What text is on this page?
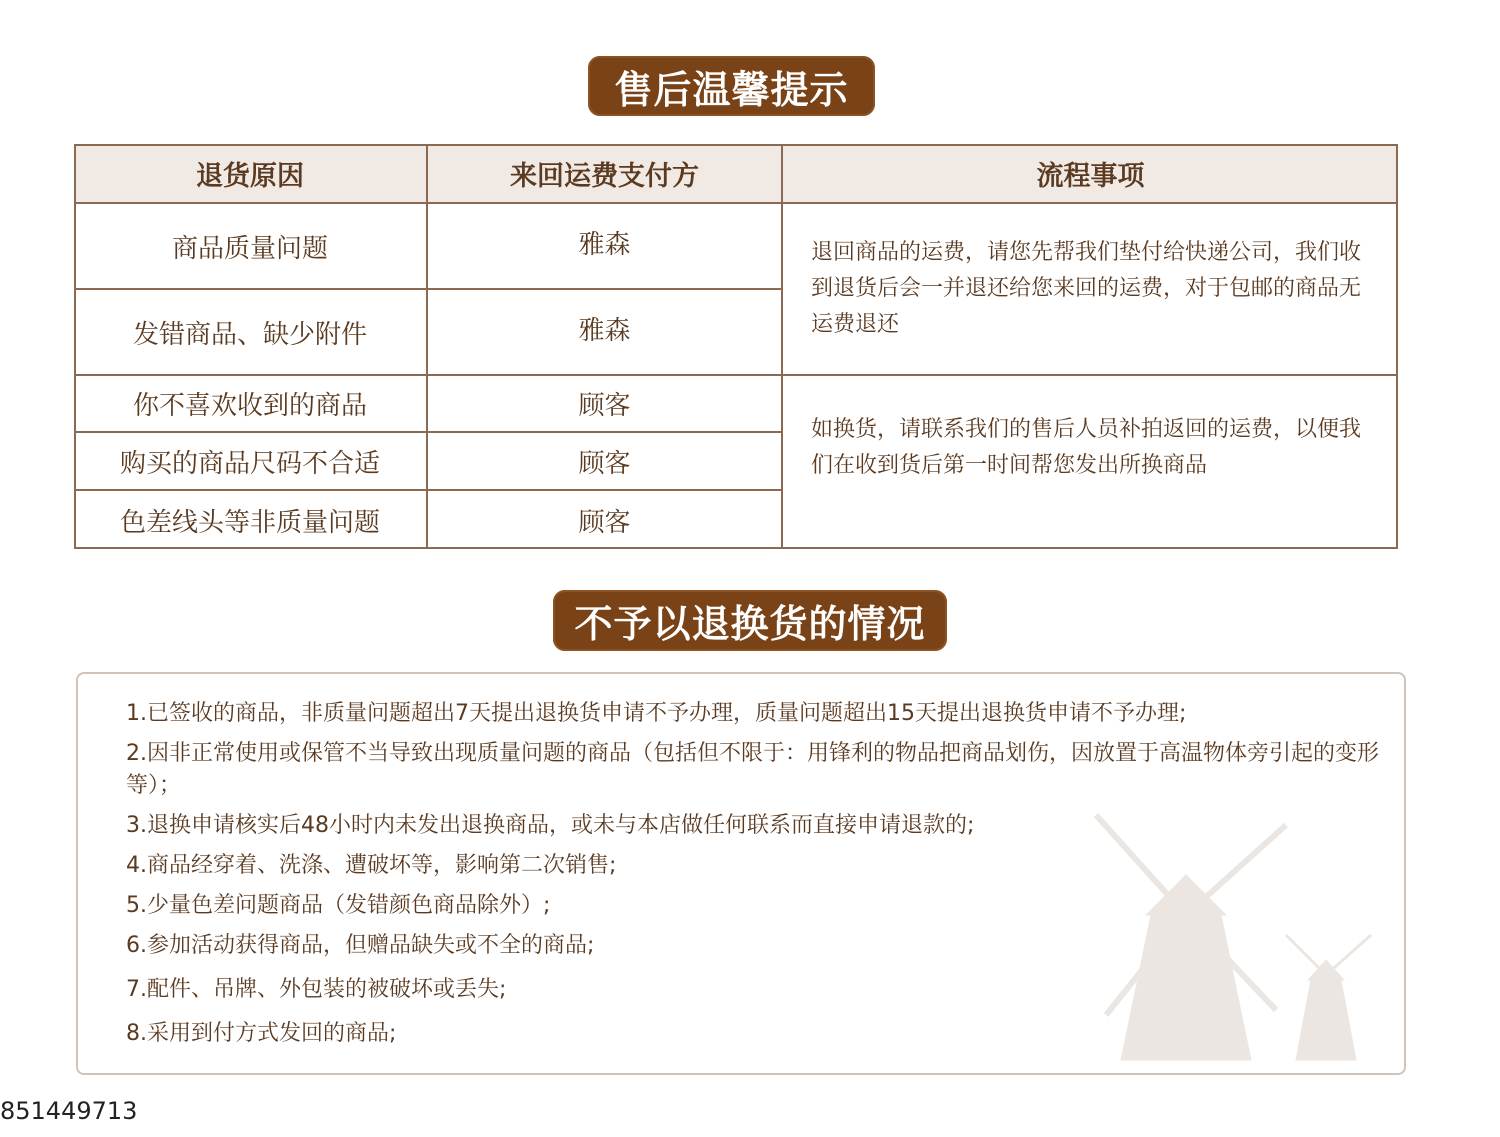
售后温馨提示
退货原因	来回运费支付方	流程事项
商品质量问题	雅森
发错商品、缺少附件	雅森
退回商品的运费，请您先帮我们垫付给快递公司，我们收到退货后会一并退还给您来回的运费，对于包邮的商品无运费退还
你不喜欢收到的商品	顾客
购买的商品尺码不合适	顾客
色差线头等非质量问题	顾客
如换货，请联系我们的售后人员补拍返回的运费，以便我们在收到货后第一时间帮您发出所换商品
不予以退换货的情况
1.已签收的商品，非质量问题超出7天提出退换货申请不予办理，质量问题超出15天提出退换货申请不予办理;
2.因非正常使用或保管不当导致出现质量问题的商品（包括但不限于：用锋利的物品把商品划伤，因放置于高温物体旁引起的变形等）；
3.退换申请核实后48小时内未发出退换商品，或未与本店做任何联系而直接申请退款的;
4.商品经穿着、洗涤、遭破坏等，影响第二次销售;
5.少量色差问题商品（发错颜色商品除外）;
6.参加活动获得商品，但赠品缺失或不全的商品;
7.配件、吊牌、外包装的被破坏或丢失;
8.采用到付方式发回的商品;
851449713
